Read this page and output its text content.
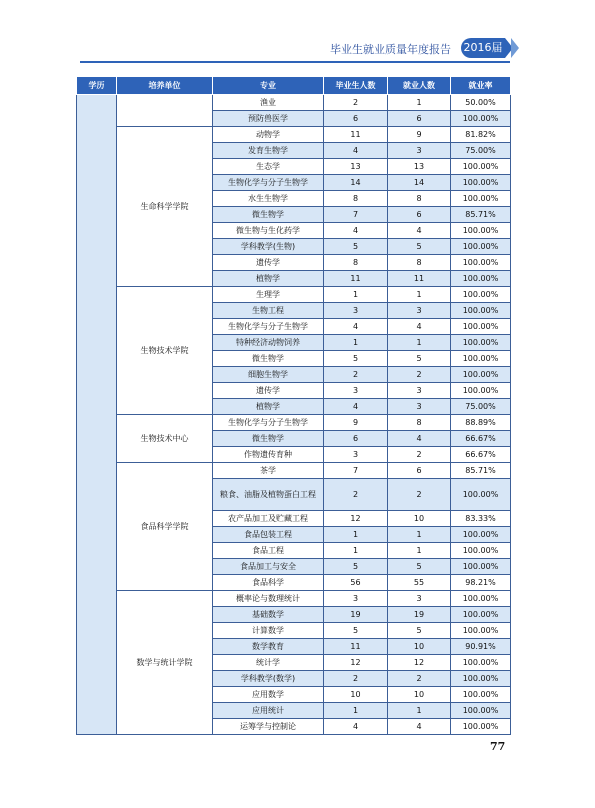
毕业生就业质量年度报告 2016届
学历	培养单位	专业	毕业生人数	就业人数	就业率
		渔业	2	1	50.00%
		预防兽医学	6	6	100.00%
	生命科学学院	动物学	11	9	81.82%
		发育生物学	4	3	75.00%
		生态学	13	13	100.00%
		生物化学与分子生物学	14	14	100.00%
		水生生物学	8	8	100.00%
		微生物学	7	6	85.71%
		微生物与生化药学	4	4	100.00%
		学科教学(生物)	5	5	100.00%
		遗传学	8	8	100.00%
		植物学	11	11	100.00%
	生物技术学院	生理学	1	1	100.00%
		生物工程	3	3	100.00%
		生物化学与分子生物学	4	4	100.00%
		特种经济动物饲养	1	1	100.00%
		微生物学	5	5	100.00%
		细胞生物学	2	2	100.00%
		遗传学	3	3	100.00%
		植物学	4	3	75.00%
	生物技术中心	生物化学与分子生物学	9	8	88.89%
		微生物学	6	4	66.67%
		作物遗传育种	3	2	66.67%
	食品科学学院	茶学	7	6	85.71%
		粮食、油脂及植物蛋白工程	2	2	100.00%
		农产品加工及贮藏工程	12	10	83.33%
		食品包装工程	1	1	100.00%
		食品工程	1	1	100.00%
		食品加工与安全	5	5	100.00%
		食品科学	56	55	98.21%
	数学与统计学院	概率论与数理统计	3	3	100.00%
		基础数学	19	19	100.00%
		计算数学	5	5	100.00%
		数学教育	11	10	90.91%
		统计学	12	12	100.00%
		学科教学(数学)	2	2	100.00%
		应用数学	10	10	100.00%
		应用统计	1	1	100.00%
		运筹学与控制论	4	4	100.00%
77
